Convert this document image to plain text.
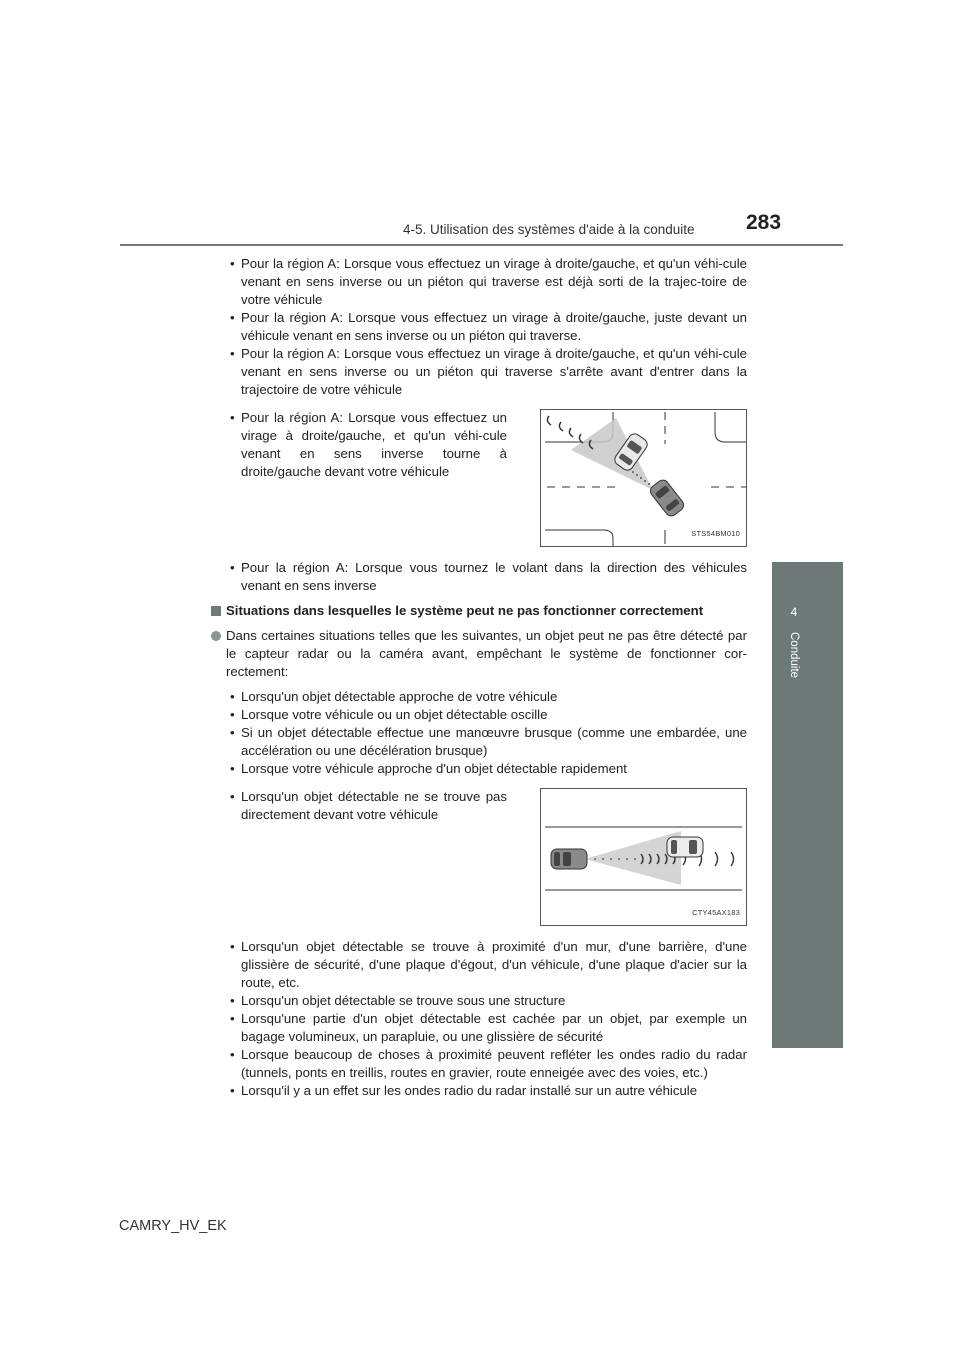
4-5. Utilisation des systèmes d'aide à la conduite 283
4
Conduite
• Pour la région A: Lorsque vous effectuez un virage à droite/gauche, et qu'un véhi-cule venant en sens inverse ou un piéton qui traverse est déjà sorti de la trajec-toire de votre véhicule
• Pour la région A: Lorsque vous effectuez un virage à droite/gauche, juste devant un véhicule venant en sens inverse ou un piéton qui traverse.
• Pour la région A: Lorsque vous effectuez un virage à droite/gauche, et qu'un véhi-cule venant en sens inverse ou un piéton qui traverse s'arrête avant d'entrer dans la trajectoire de votre véhicule
• Pour la région A: Lorsque vous effectuez un virage à droite/gauche, et qu'un véhi-cule venant en sens inverse tourne à droite/gauche devant votre véhicule
STS54BM010
• Pour la région A: Lorsque vous tournez le volant dans la direction des véhicules venant en sens inverse
Situations dans lesquelles le système peut ne pas fonctionner correctement
Dans certaines situations telles que les suivantes, un objet peut ne pas être détecté par le capteur radar ou la caméra avant, empêchant le système de fonctionner cor-rectement:
• Lorsqu'un objet détectable approche de votre véhicule
• Lorsque votre véhicule ou un objet détectable oscille
• Si un objet détectable effectue une manœuvre brusque (comme une embardée, une accélération ou une décélération brusque)
• Lorsque votre véhicule approche d'un objet détectable rapidement
• Lorsqu'un objet détectable ne se trouve pas directement devant votre véhicule
CTY45AX183
• Lorsqu'un objet détectable se trouve à proximité d'un mur, d'une barrière, d'une glissière de sécurité, d'une plaque d'égout, d'un véhicule, d'une plaque d'acier sur la route, etc.
• Lorsqu'un objet détectable se trouve sous une structure
• Lorsqu'une partie d'un objet détectable est cachée par un objet, par exemple un bagage volumineux, un parapluie, ou une glissière de sécurité
• Lorsque beaucoup de choses à proximité peuvent refléter les ondes radio du radar (tunnels, ponts en treillis, routes en gravier, route enneigée avec des voies, etc.)
• Lorsqu'il y a un effet sur les ondes radio du radar installé sur un autre véhicule
CAMRY_HV_EK
